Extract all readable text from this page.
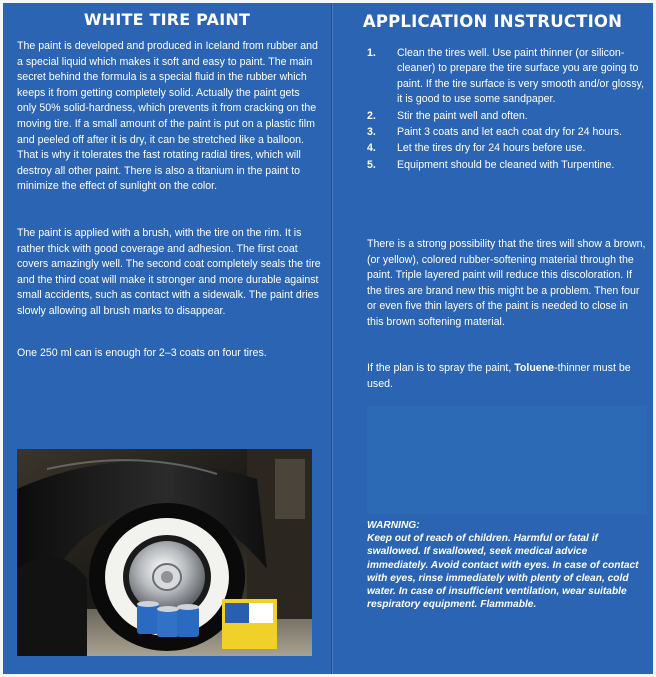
WHITE TIRE PAINT

The paint is developed and produced in Iceland from rubber and a special liquid which makes it soft and easy to paint. The main secret behind the formula is a special fluid in the rubber which keeps it from getting completely solid. Actually the paint gets only 50% solid-hardness, which prevents it from cracking on the moving tire. If a small amount of the paint is put on a plastic film and peeled off after it is dry, it can be stretched like a balloon. That is why it tolerates the fast rotating radial tires, which will destroy all other paint. There is also a titanium in the paint to minimize the effect of sunlight on the color.

The paint is applied with a brush, with the tire on the rim. It is rather thick with good coverage and adhesion. The first coat covers amazingly well. The second coat completely seals the tire and the third coat will make it stronger and more durable against small accidents, such as contact with a sidewalk. The paint dries slowly allowing all brush marks to disappear.

One 250 ml can is enough for 2–3 coats on four tires.

APPLICATION INSTRUCTION
1. Clean the tires well. Use paint thinner (or silicon-cleaner) to prepare the tire surface you are going to paint. If the tire surface is very smooth and/or glossy, it is good to use some sandpaper.
2. Stir the paint well and often.
3. Paint 3 coats and let each coat dry for 24 hours.
4. Let the tires dry for 24 hours before use.
5. Equipment should be cleaned with Turpentine.

There is a strong possibility that the tires will show a brown, (or yellow), colored rubber-softening material through the paint. Triple layered paint will reduce this discoloration. If the tires are brand new this might be a problem. Then four or even five thin layers of the paint is needed to close in this brown softening material.

If the plan is to spray the paint, Toluene-thinner must be used.

WARNING:
Keep out of reach of children. Harmful or fatal if swallowed. If swallowed, seek medical advice immediately. Avoid contact with eyes. In case of contact with eyes, rinse immediately with plenty of clean, cold water. In case of insufficient ventilation, wear suitable respiratory equipment. Flammable.
